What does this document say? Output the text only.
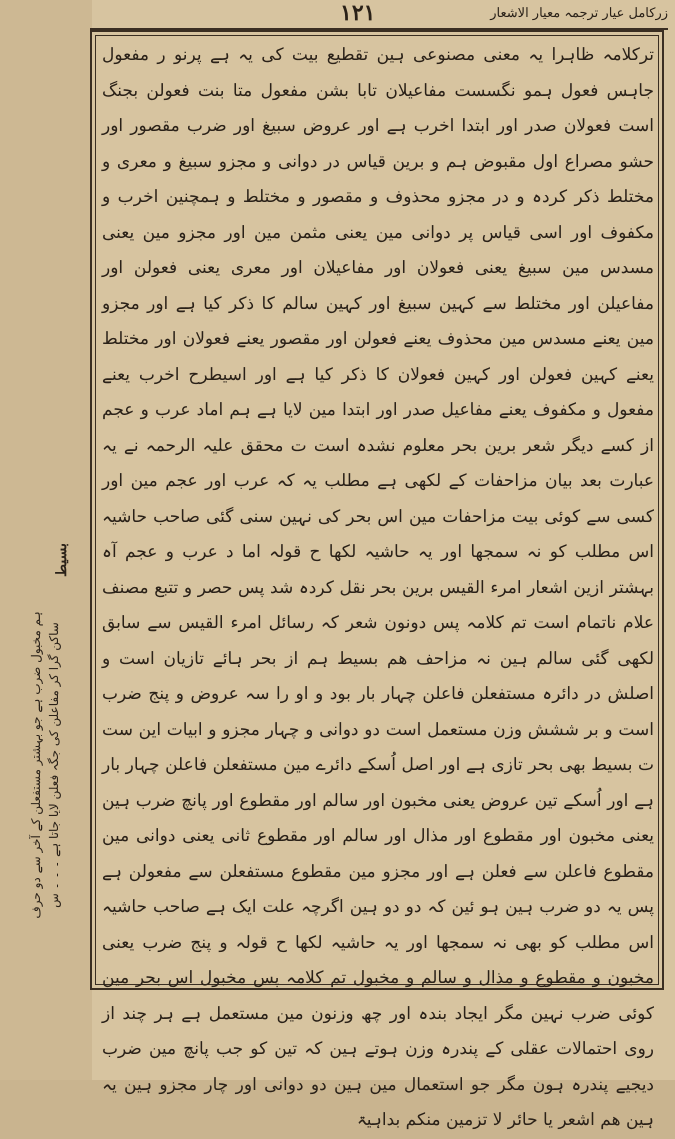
زرکامل عیار ترجمہ معیار الاشعار
۱۲۱

ترکلامہ ظاہرا یہ معنی مصنوعی ہین تقطیع بیت کی یہ ہے پرنو ر مفعول جاہس فعول ہمو نگسست مفاعیلان تابا بشن مفعول متا بنت فعولن بجنگ است فعولان صدر اور ابتدا اخرب ہے اور عروض سبیغ اور ضرب مقصور اور حشو مصراع اول مقبوض ہم و برین قیاس در دوانی و مجزو سبیغ و معری و مختلط ذکر کردہ و در مجزو محذوف و مقصور و مختلط و ہمچنین اخرب و مکفوف اور اسی قیاس پر دوانی مین یعنی مثمن مین اور مجزو مین یعنی مسدس مین سبیغ یعنی فعولان اور مفاعیلان اور معری یعنی فعولن اور مفاعیلن اور مختلط سے کہین سبیغ اور کہین سالم کا ذکر کیا ہے اور مجزو مین یعنے مسدس مین محذوف یعنے فعولن اور مقصور یعنے فعولان اور مختلط یعنے کہین فعولن اور کہین فعولان کا ذکر کیا ہے اور اسیطرح اخرب یعنے مفعول و مکفوف یعنے مفاعیل صدر اور ابتدا مین لایا ہے ہم اماد عرب و عجم از کسے دیگر شعر برین بحر معلوم نشدہ است ت محقق علیہ الرحمہ نے یہ عبارت بعد بیان مزاحفات کے لکھی ہے مطلب یہ کہ عرب اور عجم مین اور کسی سے کوئی بیت مزاحفات مین اس بحر کی نہین سنی گئی صاحب حاشیہ اس مطلب کو نہ سمجھا اور یہ حاشیہ لکھا ح قولہ اما د عرب و عجم آہ بہشتر ازین اشعار امرء القیس برین بحر نقل کردہ شد پس حصر و تتبع مصنف علام ناتمام است تم کلامہ پس دونون شعر کہ رسائل امرء القیس سے سابق لکھی گئی سالم ہین نہ مزاحف ھم بسیط ہم از بحر ہائے تازیان است و اصلش در دائرہ مستفعلن فاعلن چہار بار بود و او را سہ عروض و پنج ضرب است و بر ششش وزن مستعمل است دو دوانی و چہار مجزو و ابیات این ست ت بسیط بھی بحر تازی ہے اور اصل اُسکے دائرے مین مستفعلن فاعلن چہار بار ہے اور اُسکے تین عروض یعنی مخبون اور سالم اور مقطوع اور پانچ ضرب ہین یعنی مخبون اور مقطوع اور مذال اور سالم اور مقطوع ثانی یعنی دوانی مین مقطوع فاعلن سے فعلن ہے اور مجزو مین مقطوع مستفعلن سے مفعولن ہے پس یہ دو ضرب ہین ہو ئین کہ دو دو ہین اگرچہ علت ایک ہے صاحب حاشیہ اس مطلب کو بھی نہ سمجھا اور یہ حاشیہ لکھا ح قولہ و پنج ضرب یعنی مخبون و مقطوع و مذال و سالم و مخبول تم کلامہ پس مخبول اس بحر مین کوئی ضرب نہین مگر ایجاد بندہ اور چھ وزنون مین مستعمل ہے ہر چند از روی احتمالات عقلی کے پندرہ وزن ہوتے ہین کہ تین کو جب پانچ مین ضرب دیجیے پندرہ ہون مگر جو استعمال مین ہین دو دوانی اور چار مجزو ہین یہ ہین ھم اشعر یا حائر لا تزمین منکم بداہیۃ

بسیط
ہم مخبول ضرب ہے جو بہشتر مستفعلن کے آخر سے دو حرف ساکن گرا کر مفاعلن کی جگہ فعلن لایا جاتا ہے ۔ ۔ ۔ س
